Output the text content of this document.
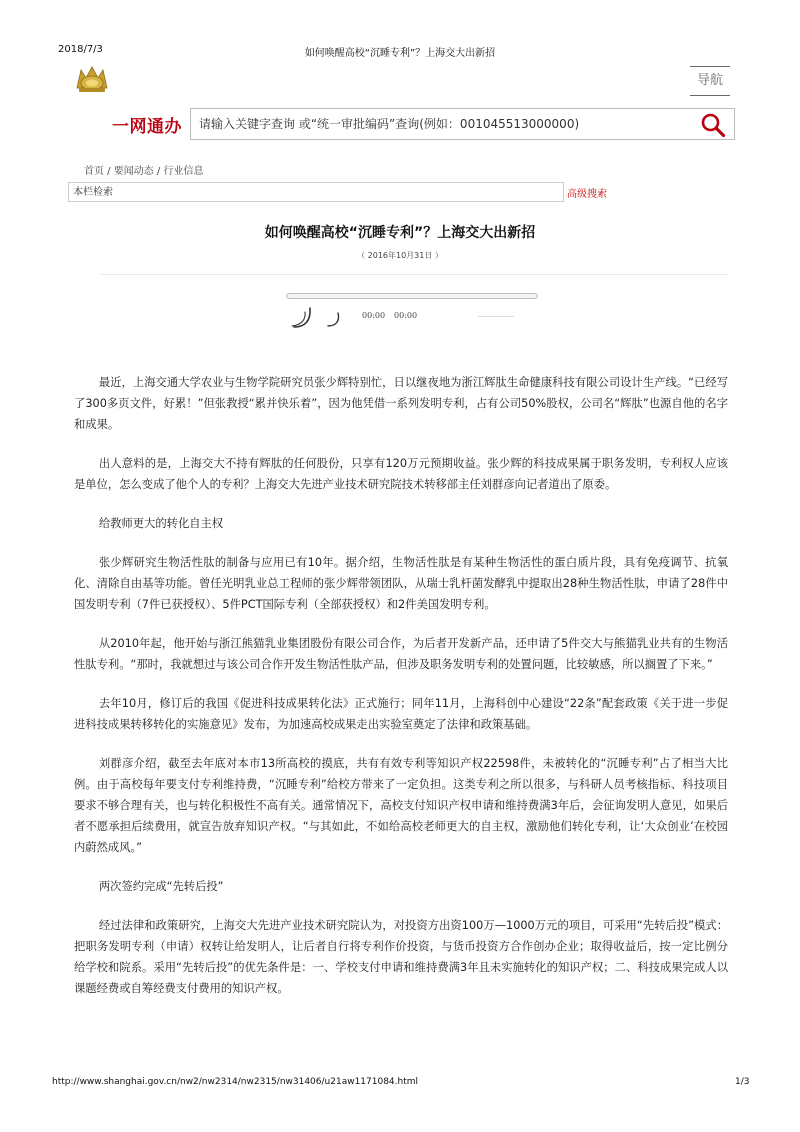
2018/7/3	如何唤醒高校“沉睡专利”？上海交大出新招
导航
一网通办
请输入关键字查询 或“统一审批编码”查询(例如：001045513000000)
首页 / 要闻动态 / 行业信息
本栏检索
高级搜索
如何唤醒高校“沉睡专利”？上海交大出新招
（ 2016年10月31日 ）
00:00 00:00

最近，上海交通大学农业与生物学院研究员张少辉特别忙，日以继夜地为浙江辉肽生命健康科技有限公司设计生产线。“已经写了300多页文件，好累！”但张教授“累并快乐着”，因为他凭借一系列发明专利，占有公司50%股权，公司名“辉肽”也源自他的名字和成果。

出人意料的是，上海交大不持有辉肽的任何股份，只享有120万元预期收益。张少辉的科技成果属于职务发明，专利权人应该是单位，怎么变成了他个人的专利？上海交大先进产业技术研究院技术转移部主任刘群彦向记者道出了原委。

给教师更大的转化自主权

张少辉研究生物活性肽的制备与应用已有10年。据介绍，生物活性肽是有某种生物活性的蛋白质片段，具有免疫调节、抗氧化、清除自由基等功能。曾任光明乳业总工程师的张少辉带领团队，从瑞士乳杆菌发酵乳中提取出28种生物活性肽，申请了28件中国发明专利（7件已获授权）、5件PCT国际专利（全部获授权）和2件美国发明专利。

从2010年起，他开始与浙江熊猫乳业集团股份有限公司合作，为后者开发新产品，还申请了5件交大与熊猫乳业共有的生物活性肽专利。“那时，我就想过与该公司合作开发生物活性肽产品，但涉及职务发明专利的处置问题，比较敏感，所以搁置了下来。”

去年10月，修订后的我国《促进科技成果转化法》正式施行；同年11月，上海科创中心建设“22条”配套政策《关于进一步促进科技成果转移转化的实施意见》发布，为加速高校成果走出实验室奠定了法律和政策基础。

刘群彦介绍，截至去年底对本市13所高校的摸底，共有有效专利等知识产权22598件，未被转化的“沉睡专利”占了相当大比例。由于高校每年要支付专利维持费，“沉睡专利”给校方带来了一定负担。这类专利之所以很多，与科研人员考核指标、科技项目要求不够合理有关，也与转化积极性不高有关。通常情况下，高校支付知识产权申请和维持费满3年后，会征询发明人意见，如果后者不愿承担后续费用，就宣告放弃知识产权。“与其如此，不如给高校老师更大的自主权，激励他们转化专利，让‘大众创业’在校园内蔚然成风。”

两次签约完成“先转后投”

经过法律和政策研究，上海交大先进产业技术研究院认为，对投资方出资100万—1000万元的项目，可采用“先转后投”模式：把职务发明专利（申请）权转让给发明人，让后者自行将专利作价投资，与货币投资方合作创办企业；取得收益后，按一定比例分给学校和院系。采用“先转后投”的优先条件是：一、学校支付申请和维持费满3年且未实施转化的知识产权；二、科技成果完成人以课题经费或自筹经费支付费用的知识产权。

http://www.shanghai.gov.cn/nw2/nw2314/nw2315/nw31406/u21aw1171084.html	1/3
